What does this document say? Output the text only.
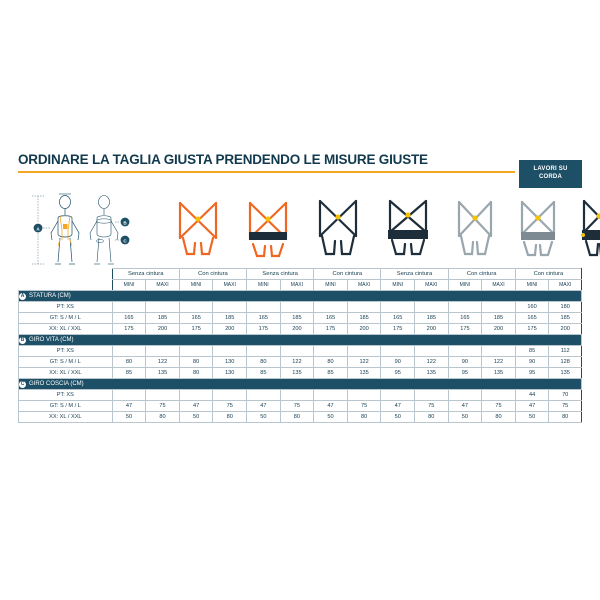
ORDINARE LA TAGLIA GIUSTA PRENDENDO LE MISURE GIUSTE
LAVORI SU
CORDA
A
B
C
	Senza cintura		Con cintura		Senza cintura		Con cintura		Senza cintura		Con cintura		Con cintura	
	MINI	MAXI	MINI	MAXI	MINI	MAXI	MINI	MAXI	MINI	MAXI	MINI	MAXI	MINI	MAXI

A STATURA (CM)														

PT: XS													160	180
GT: S / M / L	165	185	165	185	165	185	165	185	165	185	165	185	165	185
XX: XL / XXL	175	200	175	200	175	200	175	200	175	200	175	200	175	200

B GIRO VITA (CM)														

PT: XS													85	112
GT: S / M / L	80	122	80	130	80	122	80	122	90	122	90	122	90	128
XX: XL / XXL	85	135	80	130	85	135	85	135	95	135	95	135	95	135

C GIRO COSCIA (CM)														

PT: XS													44	70
GT: S / M / L	47	75	47	75	47	75	47	75	47	75	47	75	47	75
XX: XL / XXL	50	80	50	80	50	80	50	80	50	80	50	80	50	80
